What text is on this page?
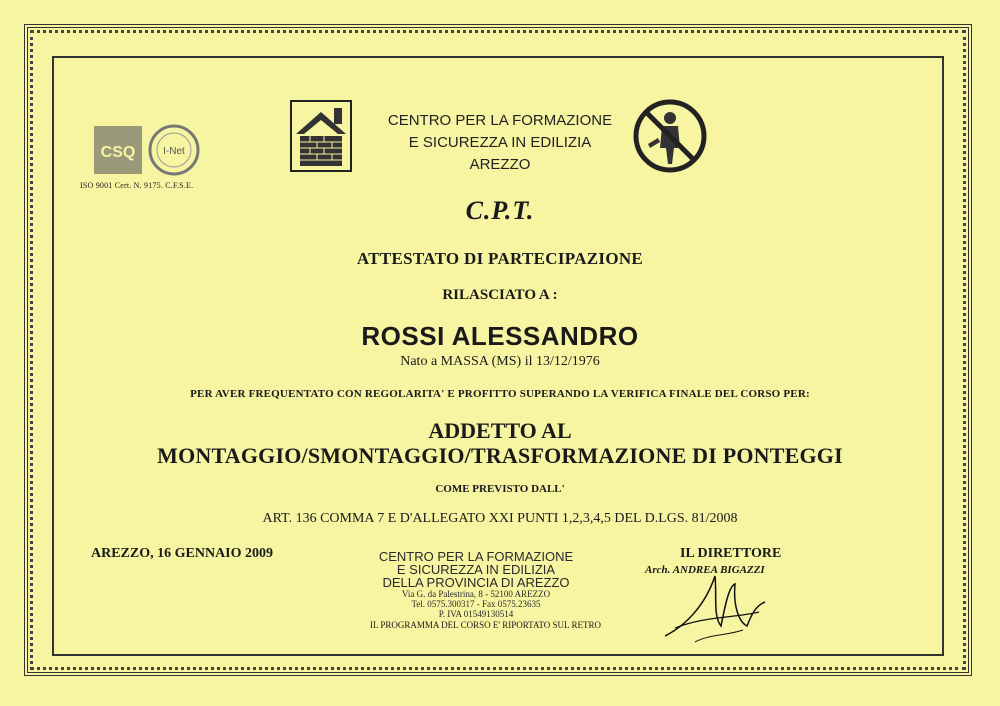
CSQ	I-Net
ISO 9001 Cert. N. 9175. C.F.S.E.
CENTRO PER LA FORMAZIONE
E SICUREZZA IN EDILIZIA
AREZZO
C.P.T.
ATTESTATO DI PARTECIPAZIONE
RILASCIATO A :
ROSSI ALESSANDRO
Nato a MASSA (MS) il 13/12/1976
PER AVER FREQUENTATO CON REGOLARITA' E PROFITTO SUPERANDO LA VERIFICA FINALE DEL CORSO PER:
ADDETTO AL
MONTAGGIO/SMONTAGGIO/TRASFORMAZIONE DI PONTEGGI
COME PREVISTO DALL'
ART. 136 COMMA 7 E D'ALLEGATO XXI PUNTI 1,2,3,4,5 DEL D.LGS. 81/2008
AREZZO, 16 GENNAIO 2009	CENTRO PER LA FORMAZIONE
E SICUREZZA IN EDILIZIA
DELLA PROVINCIA DI AREZZO
Via G. da Palestrina, 8 - 52100 AREZZO
Tel. 0575.300317 - Fax 0575.23635
P. IVA 01549130514
IL PROGRAMMA DEL CORSO E' RIPORTATO SUL RETRO
IL DIRETTORE
Arch. ANDREA BIGAZZI
